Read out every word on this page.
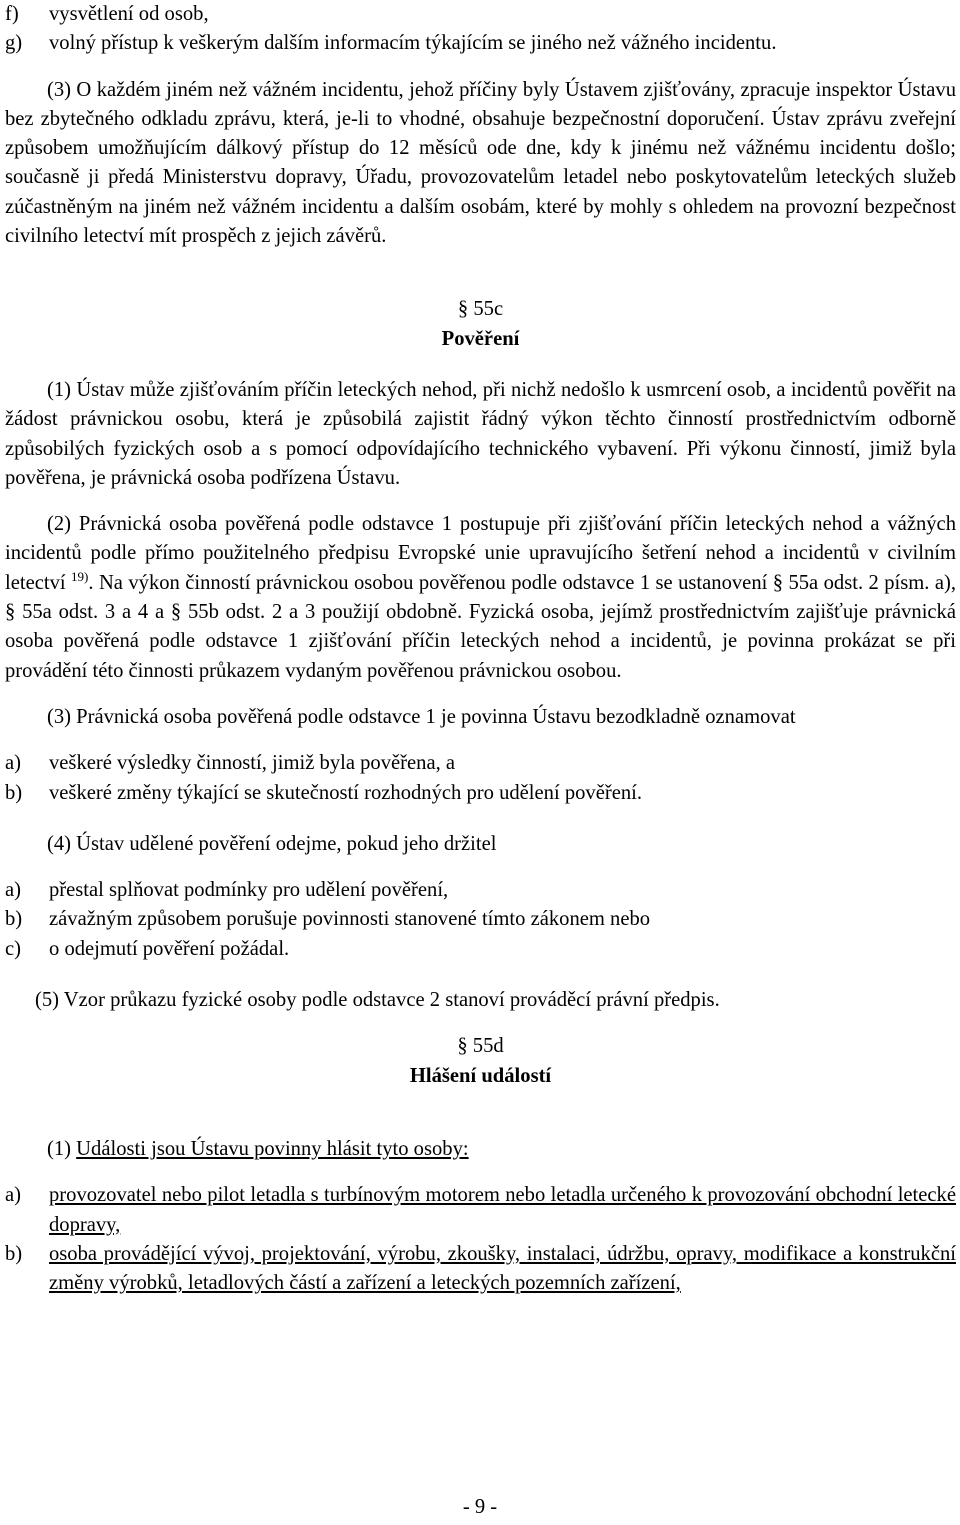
f)	vysvětlení od osob,
g)	volný přístup k veškerým dalším informacím týkajícím se jiného než vážného incidentu.

(3) O každém jiném než vážném incidentu, jehož příčiny byly Ústavem zjišťovány, zpracuje inspektor Ústavu bez zbytečného odkladu zprávu, která, je-li to vhodné, obsahuje bezpečnostní doporučení. Ústav zprávu zveřejní způsobem umožňujícím dálkový přístup do 12 měsíců ode dne, kdy k jinému než vážnému incidentu došlo; současně ji předá Ministerstvu dopravy, Úřadu, provozovatelům letadel nebo poskytovatelům leteckých služeb zúčastněným na jiném než vážném incidentu a dalším osobám, které by mohly s ohledem na provozní bezpečnost civilního letectví mít prospěch z jejich závěrů.

§ 55c

Pověření

(1) Ústav může zjišťováním příčin leteckých nehod, při nichž nedošlo k usmrcení osob, a incidentů pověřit na žádost právnickou osobu, která je způsobilá zajistit řádný výkon těchto činností prostřednictvím odborně způsobilých fyzických osob a s pomocí odpovídajícího technického vybavení. Při výkonu činností, jimiž byla pověřena, je právnická osoba podřízena Ústavu.

(2) Právnická osoba pověřená podle odstavce 1 postupuje při zjišťování příčin leteckých nehod a vážných incidentů podle přímo použitelného předpisu Evropské unie upravujícího šetření nehod a incidentů v civilním letectví $^{19)}$. Na výkon činností právnickou osobou pověřenou podle odstavce 1 se ustanovení § 55a odst. 2 písm. a), § 55a odst. 3 a 4 a § 55b odst. 2 a 3 použijí obdobně. Fyzická osoba, jejímž prostřednictvím zajišťuje právnická osoba pověřená podle odstavce 1 zjišťování příčin leteckých nehod a incidentů, je povinna prokázat se při provádění této činnosti průkazem vydaným pověřenou právnickou osobou.

(3) Právnická osoba pověřená podle odstavce 1 je povinna Ústavu bezodkladně oznamovat

a)	veškeré výsledky činností, jimiž byla pověřena, a
b)	veškeré změny týkající se skutečností rozhodných pro udělení pověření.

(4) Ústav udělené pověření odejme, pokud jeho držitel

a)	přestal splňovat podmínky pro udělení pověření,
b)	závažným způsobem porušuje povinnosti stanovené tímto zákonem nebo
c)	o odejmutí pověření požádal.

(5) Vzor průkazu fyzické osoby podle odstavce 2 stanoví prováděcí právní předpis.

§ 55d

Hlášení událostí

(1) Události jsou Ústavu povinny hlásit tyto osoby:

a)	provozovatel nebo pilot letadla s turbínovým motorem nebo letadla určeného k provozování obchodní letecké dopravy,
b)	osoba provádějící vývoj, projektování, výrobu, zkoušky, instalaci, údržbu, opravy, modifikace a konstrukční změny výrobků, letadlových částí a zařízení a leteckých pozemních zařízení,
- 9 -
